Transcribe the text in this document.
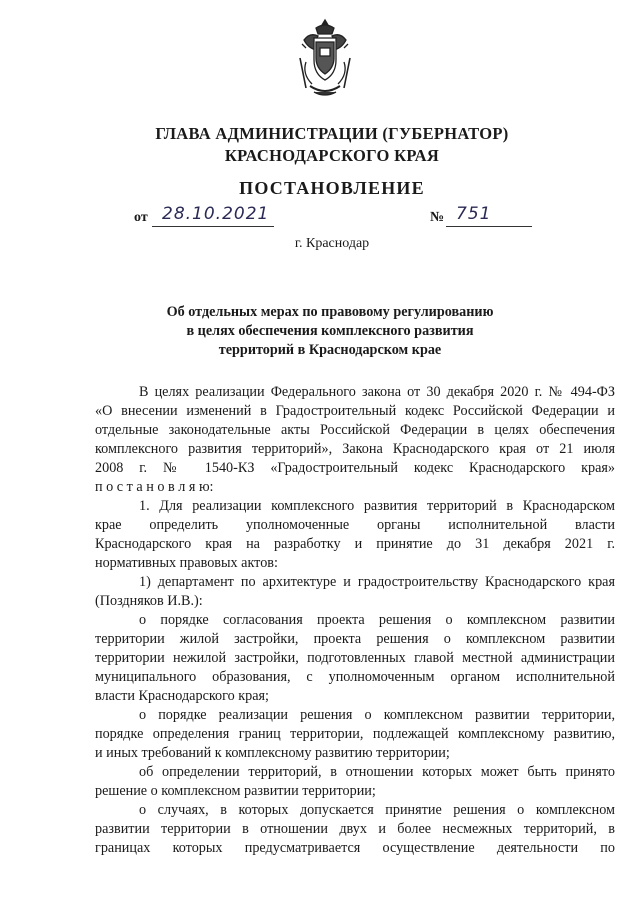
ГЛАВА АДМИНИСТРАЦИИ (ГУБЕРНАТОР)
КРАСНОДАРСКОГО КРАЯ
ПОСТАНОВЛЕНИЕ
от 28.10.2021	№ 751
г. Краснодар
Об отдельных мерах по правовому регулированию
в целях обеспечения комплексного развития
территорий в Краснодарском крае
В целях реализации Федерального закона от 30 декабря 2020 г. № 494-ФЗ
«О внесении изменений в Градостроительный кодекс Российской Федерации и
отдельные законодательные акты Российской Федерации в целях обеспечения
комплексного развития территорий», Закона Краснодарского края от 21 июля
2008 г. № 1540-КЗ «Градостроительный кодекс Краснодарского края»
п о с т а н о в л я ю:
1. Для реализации комплексного развития территорий в Краснодарском
крае определить уполномоченные органы исполнительной власти
Краснодарского края на разработку и принятие до 31 декабря 2021 г.
нормативных правовых актов:
1) департамент по архитектуре и градостроительству Краснодарского края
(Поздняков И.В.):
о порядке согласования проекта решения о комплексном развитии
территории жилой застройки, проекта решения о комплексном развитии
территории нежилой застройки, подготовленных главой местной администрации
муниципального образования, с уполномоченным органом исполнительной
власти Краснодарского края;
о порядке реализации решения о комплексном развитии территории,
порядке определения границ территории, подлежащей комплексному развитию,
и иных требований к комплексному развитию территории;
об определении территорий, в отношении которых может быть принято
решение о комплексном развитии территории;
о случаях, в которых допускается принятие решения о комплексном
развитии территории в отношении двух и более несмежных территорий, в
границах которых предусматривается осуществление деятельности по
